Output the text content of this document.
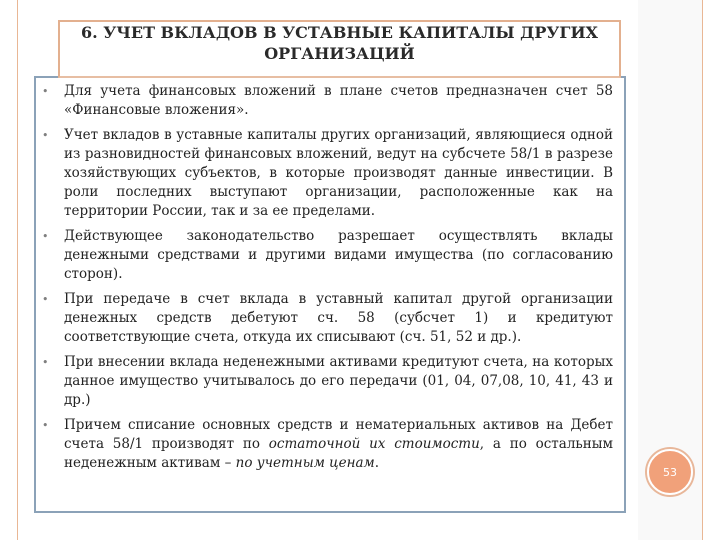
6. УЧЕТ ВКЛАДОВ В УСТАВНЫЕ КАПИТАЛЫ ДРУГИХ
ОРГАНИЗАЦИЙ
• Для учета финансовых вложений в плане счетов предназначен счет 58 «Финансовые вложения».
• Учет вкладов в уставные капиталы других организаций, являющиеся одной из разновидностей финансовых вложений, ведут на субсчете 58/1 в разрезе хозяйствующих субъектов, в которые производят данные инвестиции. В роли последних выступают организации, расположенные как на территории России, так и за ее пределами.
• Действующее законодательство разрешает осуществлять вклады денежными средствами и другими видами имущества (по согласованию сторон).
• При передаче в счет вклада в уставный капитал другой организации денежных средств дебетуют сч. 58 (субсчет 1) и кредитуют соответствующие счета, откуда их списывают (сч. 51, 52 и др.).
• При внесении вклада неденежными активами кредитуют счета, на которых данное имущество учитывалось до его передачи (01, 04, 07,08, 10, 41, 43 и др.)
• Причем списание основных средств и нематериальных активов на Дебет счета 58/1 производят по остаточной их стоимости, а по остальным неденежным активам – по учетным ценам.
53
